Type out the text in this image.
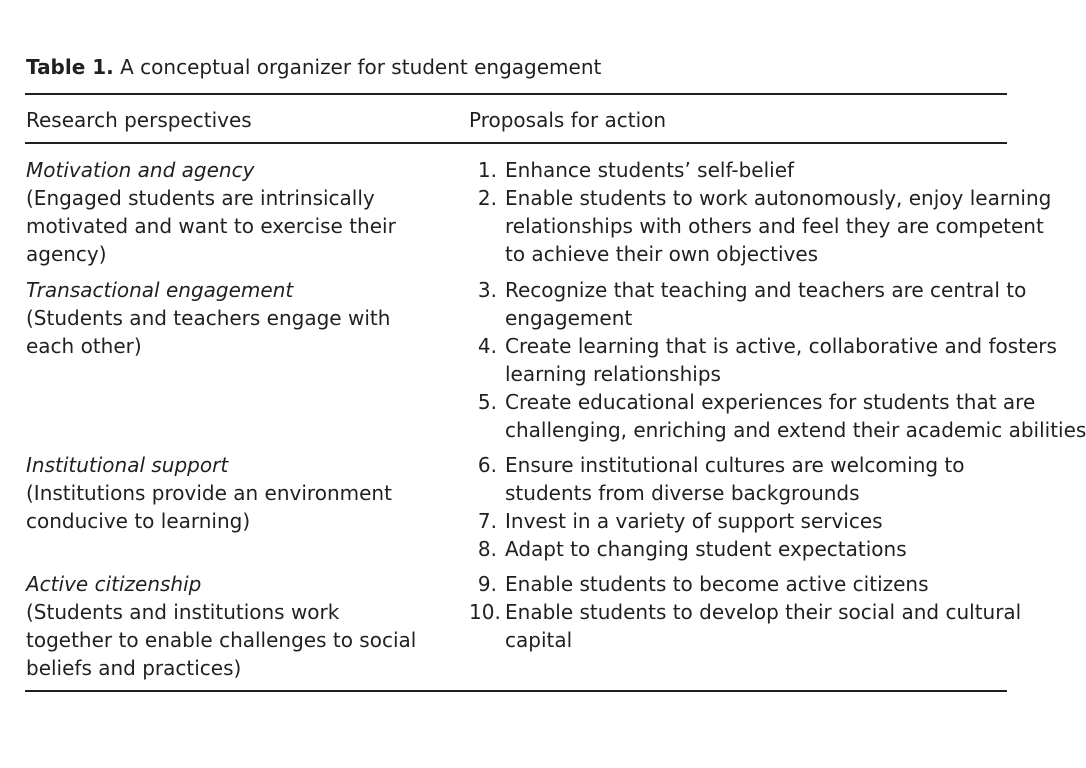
Table 1. A conceptual organizer for student engagement
Research perspectives	Proposals for action
Motivation and agency
(Engaged students are intrinsically
motivated and want to exercise their
agency)
1. Enhance students’ self-belief
2. Enable students to work autonomously, enjoy learning
relationships with others and feel they are competent
to achieve their own objectives
Transactional engagement
(Students and teachers engage with
each other)
3. Recognize that teaching and teachers are central to
engagement
4. Create learning that is active, collaborative and fosters
learning relationships
5. Create educational experiences for students that are
challenging, enriching and extend their academic abilities
Institutional support
(Institutions provide an environment
conducive to learning)
6. Ensure institutional cultures are welcoming to
students from diverse backgrounds
7. Invest in a variety of support services
8. Adapt to changing student expectations
Active citizenship
(Students and institutions work
together to enable challenges to social
beliefs and practices)
9. Enable students to become active citizens
10. Enable students to develop their social and cultural
capital
